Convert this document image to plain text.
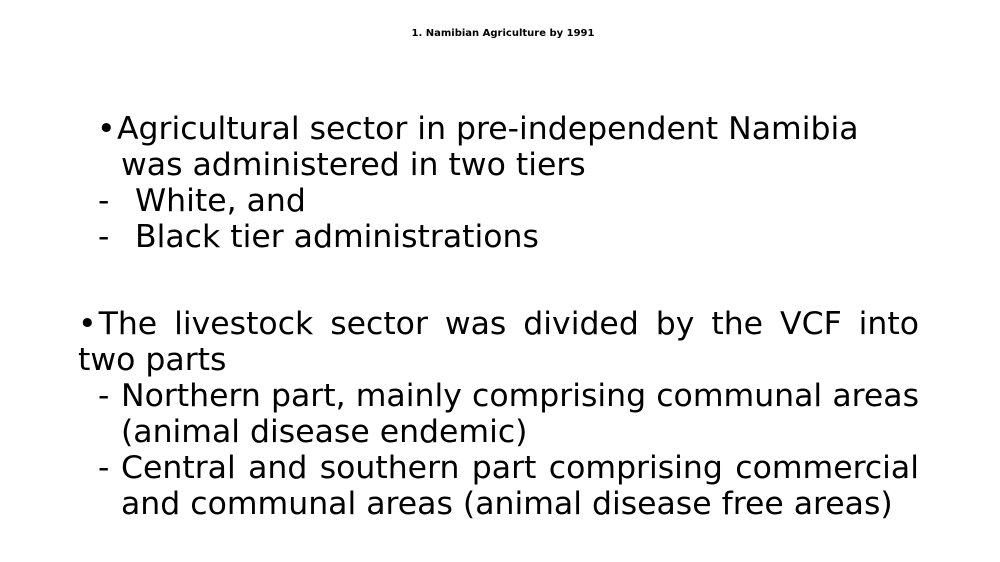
1. Namibian Agriculture by 1991
•Agricultural sector in pre-independent Namibia
was administered in two tiers
- White, and
- Black tier administrations
•The livestock sector was divided by the VCF into two parts
- Northern part, mainly comprising communal areas (animal disease endemic)
- Central and southern part comprising commercial and communal areas (animal disease free areas)
